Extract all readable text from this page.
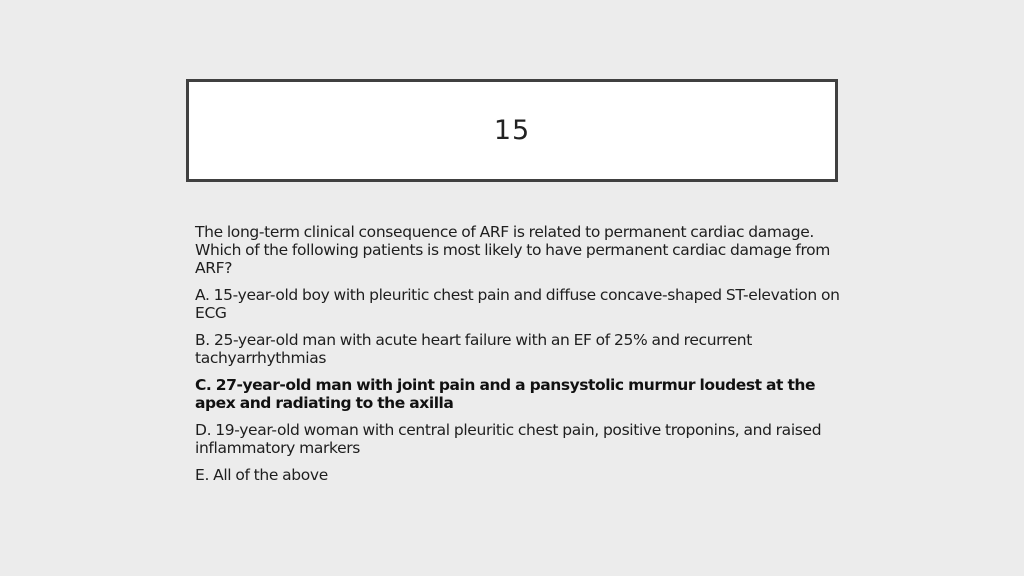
15

The long-term clinical consequence of ARF is related to permanent cardiac damage. Which of the following patients is most likely to have permanent cardiac damage from ARF?

A. 15-year-old boy with pleuritic chest pain and diffuse concave-shaped ST-elevation on ECG

B. 25-year-old man with acute heart failure with an EF of 25% and recurrent tachyarrhythmias

C. 27-year-old man with joint pain and a pansystolic murmur loudest at the apex and radiating to the axilla

D. 19-year-old woman with central pleuritic chest pain, positive troponins, and raised inflammatory markers

E. All of the above
